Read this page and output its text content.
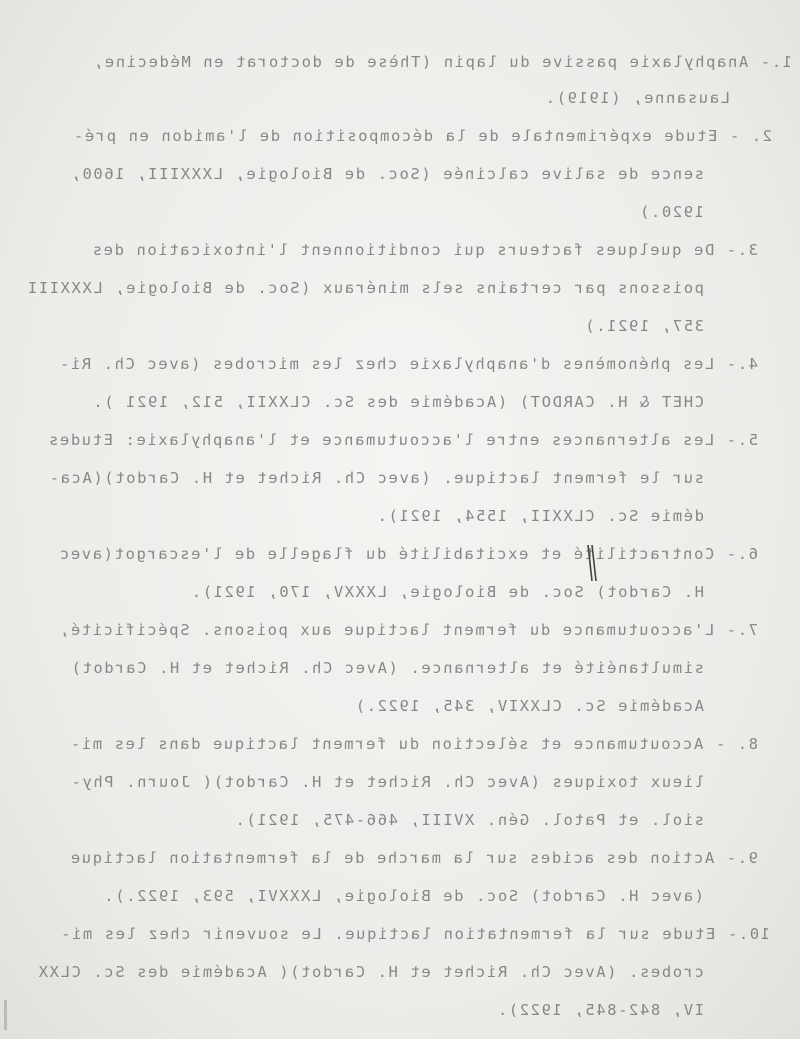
1.- Anaphylaxie passive du lapin (Thèse de doctorat en Médecine,
Lausanne, (1919).
2. - Etude expérimentale de la décomposition de l'amidon en pré-
sence de salive calcinée (Soc. de Biologie, LXXXIII, 1600,
1920.)
3.- De quelques facteurs qui conditionnent l'intoxication des
poissons par certains sels minéraux (Soc. de Biologie, LXXXIII
357, 1921.)
4.- Les phénomènes d'anaphylaxie chez les microbes (avec Ch. Ri-
CHET & H. CARDOT) (Académie des Sc. CLXXII, 512, 1921 ).
5.- Les alternances entre l'accoutumance et l'anaphylaxie: Etudes
sur le ferment lactique. (avec Ch. Richet et H. Cardot)(Aca-
démie Sc. CLXXII, 1554, 1921).
6.- Contractilité et excitabilité du flagelle de l'escargot(avec
H. Cardot) Soc. de Biologie, LXXXV, 170, 1921).
7.- L'accoutumance du ferment lactique aux poisons. Spécificité,
simultanéité et alternance. (Avec Ch. Richet et H. Cardot)
Académie Sc. CLXXIV, 345, 1922.)
8. - Accoutumance et sélection du ferment lactique dans les mi-
lieux toxiques (Avec Ch. Richet et H. Cardot)( Journ. Phy-
siol. et Patol. Gén. XVIII, 466-475, 1921).
9.- Action des acides sur la marche de la fermentation lactique
(avec H. Cardot) Soc. de Biologie, LXXXVI, 593, 1922.).
10.- Etude sur la fermentation lactique. Le souvenir chez les mi-
crobes. (Avec Ch. Richet et H. Cardot)( Académie des Sc. CLXX
IV, 842-845, 1922).
